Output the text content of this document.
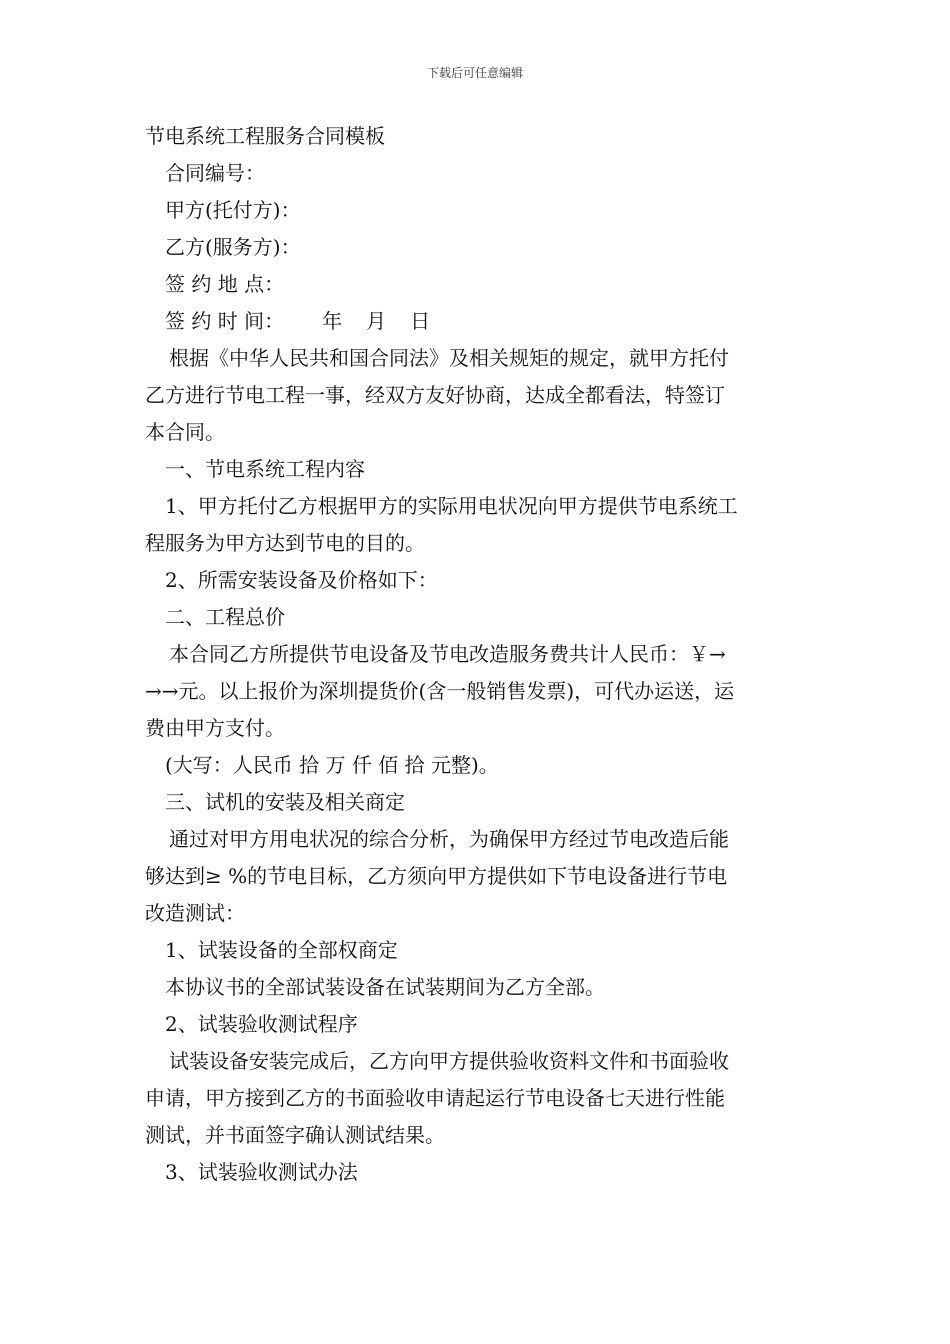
下载后可任意编辑
节电系统工程服务合同模板
合同编号：
甲方(托付方)：
乙方(服务方)：
签 约 地 点：
签 约 时 间： 年 月 日
根据《中华人民共和国合同法》及相关规矩的规定，就甲方托付
乙方进行节电工程一事，经双方友好协商，达成全都看法，特签订
本合同。
一、节电系统工程内容
1、甲方托付乙方根据甲方的实际用电状况向甲方提供节电系统工
程服务为甲方达到节电的目的。
2、所需安装设备及价格如下：
二、工程总价
本合同乙方所提供节电设备及节电改造服务费共计人民币：￥→
→→元。以上报价为深圳提货价(含一般销售发票)，可代办运送，运
费由甲方支付。
(大写：人民币 拾 万 仟 佰 拾 元整)。
三、试机的安装及相关商定
通过对甲方用电状况的综合分析，为确保甲方经过节电改造后能
够达到≥ %的节电目标，乙方须向甲方提供如下节电设备进行节电
改造测试：
1、试装设备的全部权商定
本协议书的全部试装设备在试装期间为乙方全部。
2、试装验收测试程序
试装设备安装完成后，乙方向甲方提供验收资料文件和书面验收
申请，甲方接到乙方的书面验收申请起运行节电设备七天进行性能
测试，并书面签字确认测试结果。
3、试装验收测试办法
